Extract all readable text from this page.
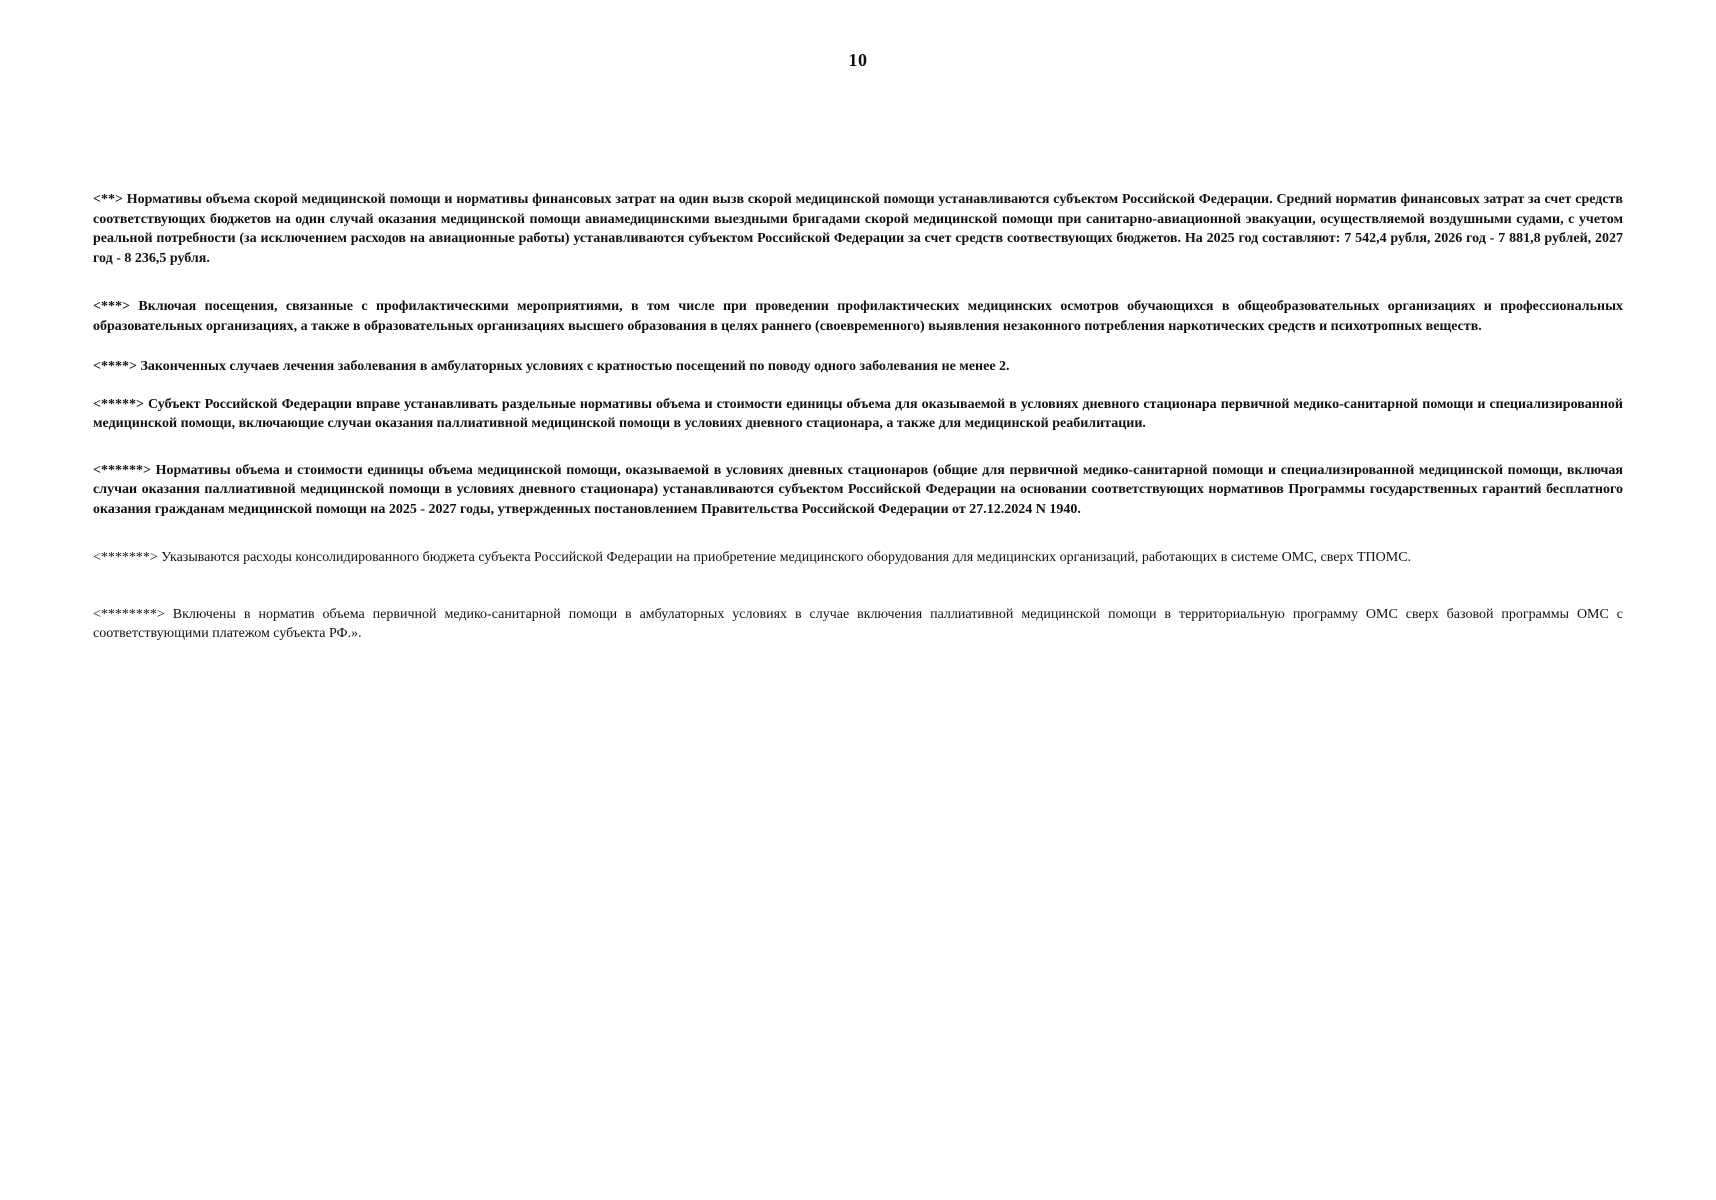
10

<**> Нормативы объема скорой медицинской помощи и нормативы финансовых затрат на один вызв скорой медицинской помощи устанавливаются субъектом Российской Федерации. Средний норматив финансовых затрат за счет средств соответствующих бюджетов на один случай оказания медицинской помощи авиамедицинскими выездными бригадами скорой медицинской помощи при санитарно-авиационной эвакуации, осуществляемой воздушными судами, с учетом реальной потребности (за исключением расходов на авиационные работы) устанавливаются субъектом Российской Федерации за счет средств соотвествующих бюджетов. На 2025 год составляют: 7 542,4 рубля, 2026 год - 7 881,8 рублей, 2027 год - 8 236,5 рубля.

<***> Включая посещения, связанные с профилактическими мероприятиями, в том числе при проведении профилактических медицинских осмотров обучающихся в общеобразовательных организациях и профессиональных образовательных организациях, а также в образовательных организациях высшего образования в целях раннего (своевременного) выявления незаконного потребления наркотических средств и психотропных веществ.

<****> Законченных случаев лечения заболевания в амбулаторных условиях с кратностью посещений по поводу одного заболевания не менее 2.

<*****> Субъект Российской Федерации вправе устанавливать раздельные нормативы объема и стоимости единицы объема для оказываемой в условиях дневного стационара первичной медико-санитарной помощи и специализированной медицинской помощи, включающие случаи оказания паллиативной медицинской помощи в условиях дневного стационара, а также для медицинской реабилитации.

<******> Нормативы объема и стоимости единицы объема медицинской помощи, оказываемой в условиях дневных стационаров (общие для первичной медико-санитарной помощи и специализированной медицинской помощи, включая случаи оказания паллиативной медицинской помощи в условиях дневного стационара) устанавливаются субъектом Российской Федерации на основании соответствующих нормативов Программы государственных гарантий бесплатного оказания гражданам медицинской помощи на 2025 - 2027 годы, утвержденных постановлением Правительства Российской Федерации от 27.12.2024 N 1940.

<*******> Указываются расходы консолидированного бюджета субъекта Российской Федерации на приобретение медицинского оборудования для медицинских организаций, работающих в системе ОМС, сверх ТПОМС.

<********> Включены в норматив объема первичной медико-санитарной помощи в амбулаторных условиях в случае включения паллиативной медицинской помощи в территориальную программу ОМС сверх базовой программы ОМС с соответствующими платежом субъекта РФ.».
